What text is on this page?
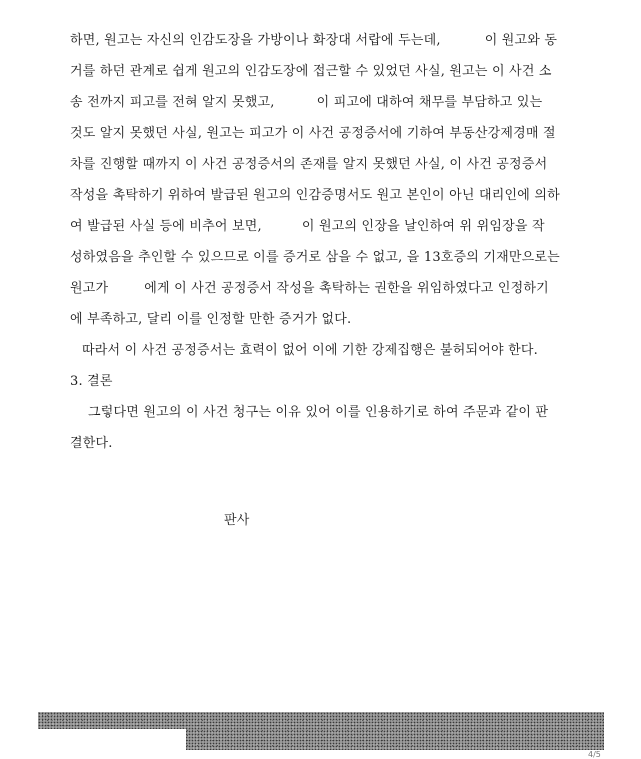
하면, 원고는 자신의 인감도장을 가방이나 화장대 서랍에 두는데,	이 원고와 동
거를 하던 관계로 쉽게 원고의 인감도장에 접근할 수 있었던 사실, 원고는 이 사건 소
송 전까지 피고를 전혀 알지 못했고,	이 피고에 대하여 채무를 부담하고 있는
것도 알지 못했던 사실, 원고는 피고가 이 사건 공정증서에 기하여 부동산강제경매 절
차를 진행할 때까지 이 사건 공정증서의 존재를 알지 못했던 사실, 이 사건 공정증서
작성을 촉탁하기 위하여 발급된 원고의 인감증명서도 원고 본인이 아닌 대리인에 의하
여 발급된 사실 등에 비추어 보면,	이 원고의 인장을 날인하여 위 위임장을 작
성하였음을 추인할 수 있으므로 이를 증거로 삼을 수 없고, 을 13호증의 기재만으로는
원고가	에게 이 사건 공정증서 작성을 촉탁하는 권한을 위임하였다고 인정하기
에 부족하고, 달리 이를 인정할 만한 증거가 없다.
따라서 이 사건 공정증서는 효력이 없어 이에 기한 강제집행은 불허되어야 한다.
3. 결론
그렇다면 원고의 이 사건 청구는 이유 있어 이를 인용하기로 하여 주문과 같이 판
결한다.
판사
4/5
